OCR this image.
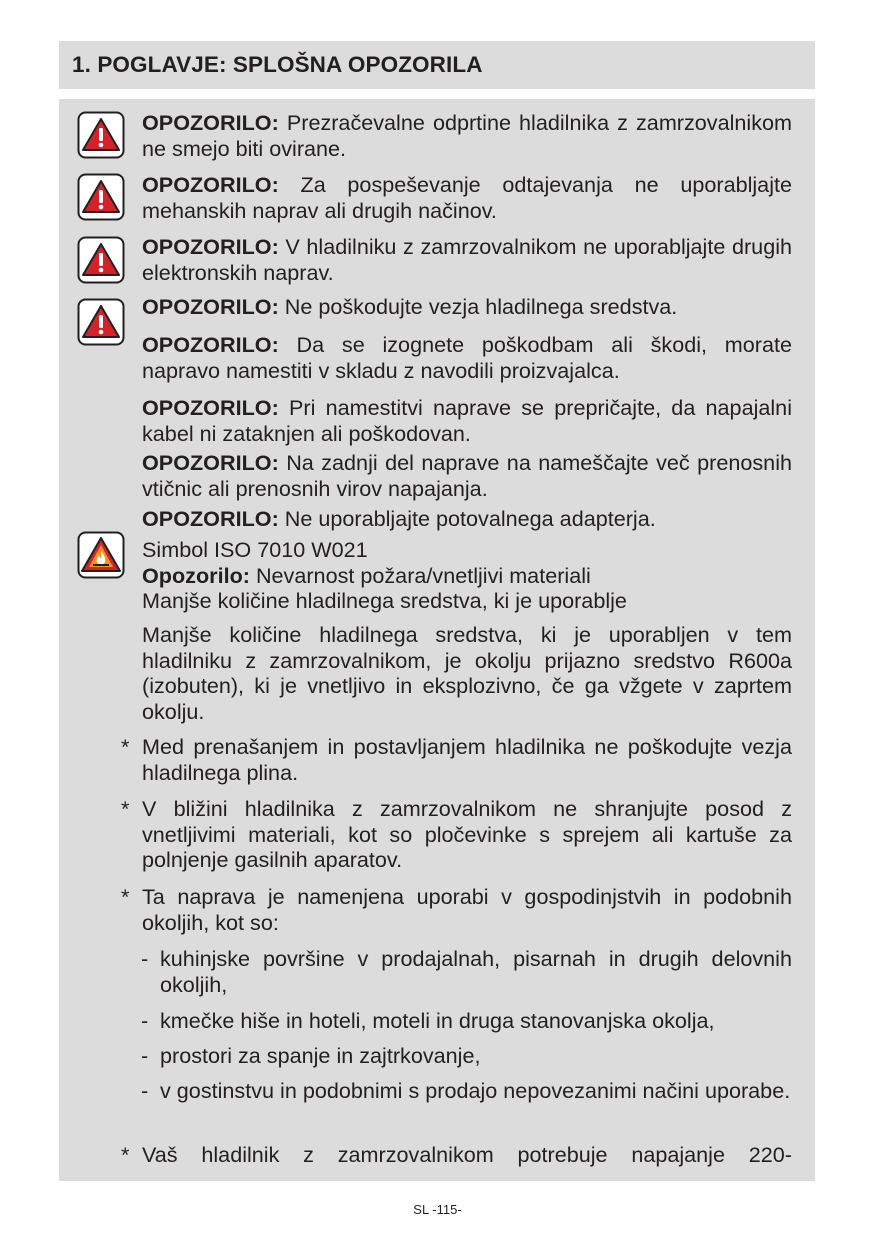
1. POGLAVJE: SPLOŠNA OPOZORILA

OPOZORILO: Prezračevalne odprtine hladilnika z zamrzovalnikom ne smejo biti ovirane.

OPOZORILO: Za pospeševanje odtajevanja ne uporabljajte mehanskih naprav ali drugih načinov.

OPOZORILO: V hladilniku z zamrzovalnikom ne uporabljajte drugih elektronskih naprav.

OPOZORILO: Ne poškodujte vezja hladilnega sredstva.

OPOZORILO: Da se izognete poškodbam ali škodi, morate napravo namestiti v skladu z navodili proizvajalca.

OPOZORILO: Pri namestitvi naprave se prepričajte, da napajalni kabel ni zataknjen ali poškodovan.

OPOZORILO: Na zadnji del naprave na nameščajte več prenosnih vtičnic ali prenosnih virov napajanja.

OPOZORILO: Ne uporabljajte potovalnega adapterja.

Simbol ISO 7010 W021

Opozorilo: Nevarnost požara/vnetljivi materiali

Manjše količine hladilnega sredstva, ki je uporablje

Manjše količine hladilnega sredstva, ki je uporabljen v tem hladilniku z zamrzovalnikom, je okolju prijazno sredstvo R600a (izobuten), ki je vnetljivo in eksplozivno, če ga vžgete v zaprtem okolju.

* Med prenašanjem in postavljanjem hladilnika ne poškodujte vezja hladilnega plina.

* V bližini hladilnika z zamrzovalnikom ne shranjujte posod z vnetljivimi materiali, kot so pločevinke s sprejem ali kartuše za polnjenje gasilnih aparatov.

* Ta naprava je namenjena uporabi v gospodinjstvih in podobnih okoljih, kot so:

- kuhinjske površine v prodajalnah, pisarnah in drugih delovnih okoljih,

- kmečke hiše in hoteli, moteli in druga stanovanjska okolja,

- prostori za spanje in zajtrkovanje,

- v gostinstvu in podobnimi s prodajo nepovezanimi načini uporabe.

* Vaš hladilnik z zamrzovalnikom potrebuje napajanje 220-

SL -115-
